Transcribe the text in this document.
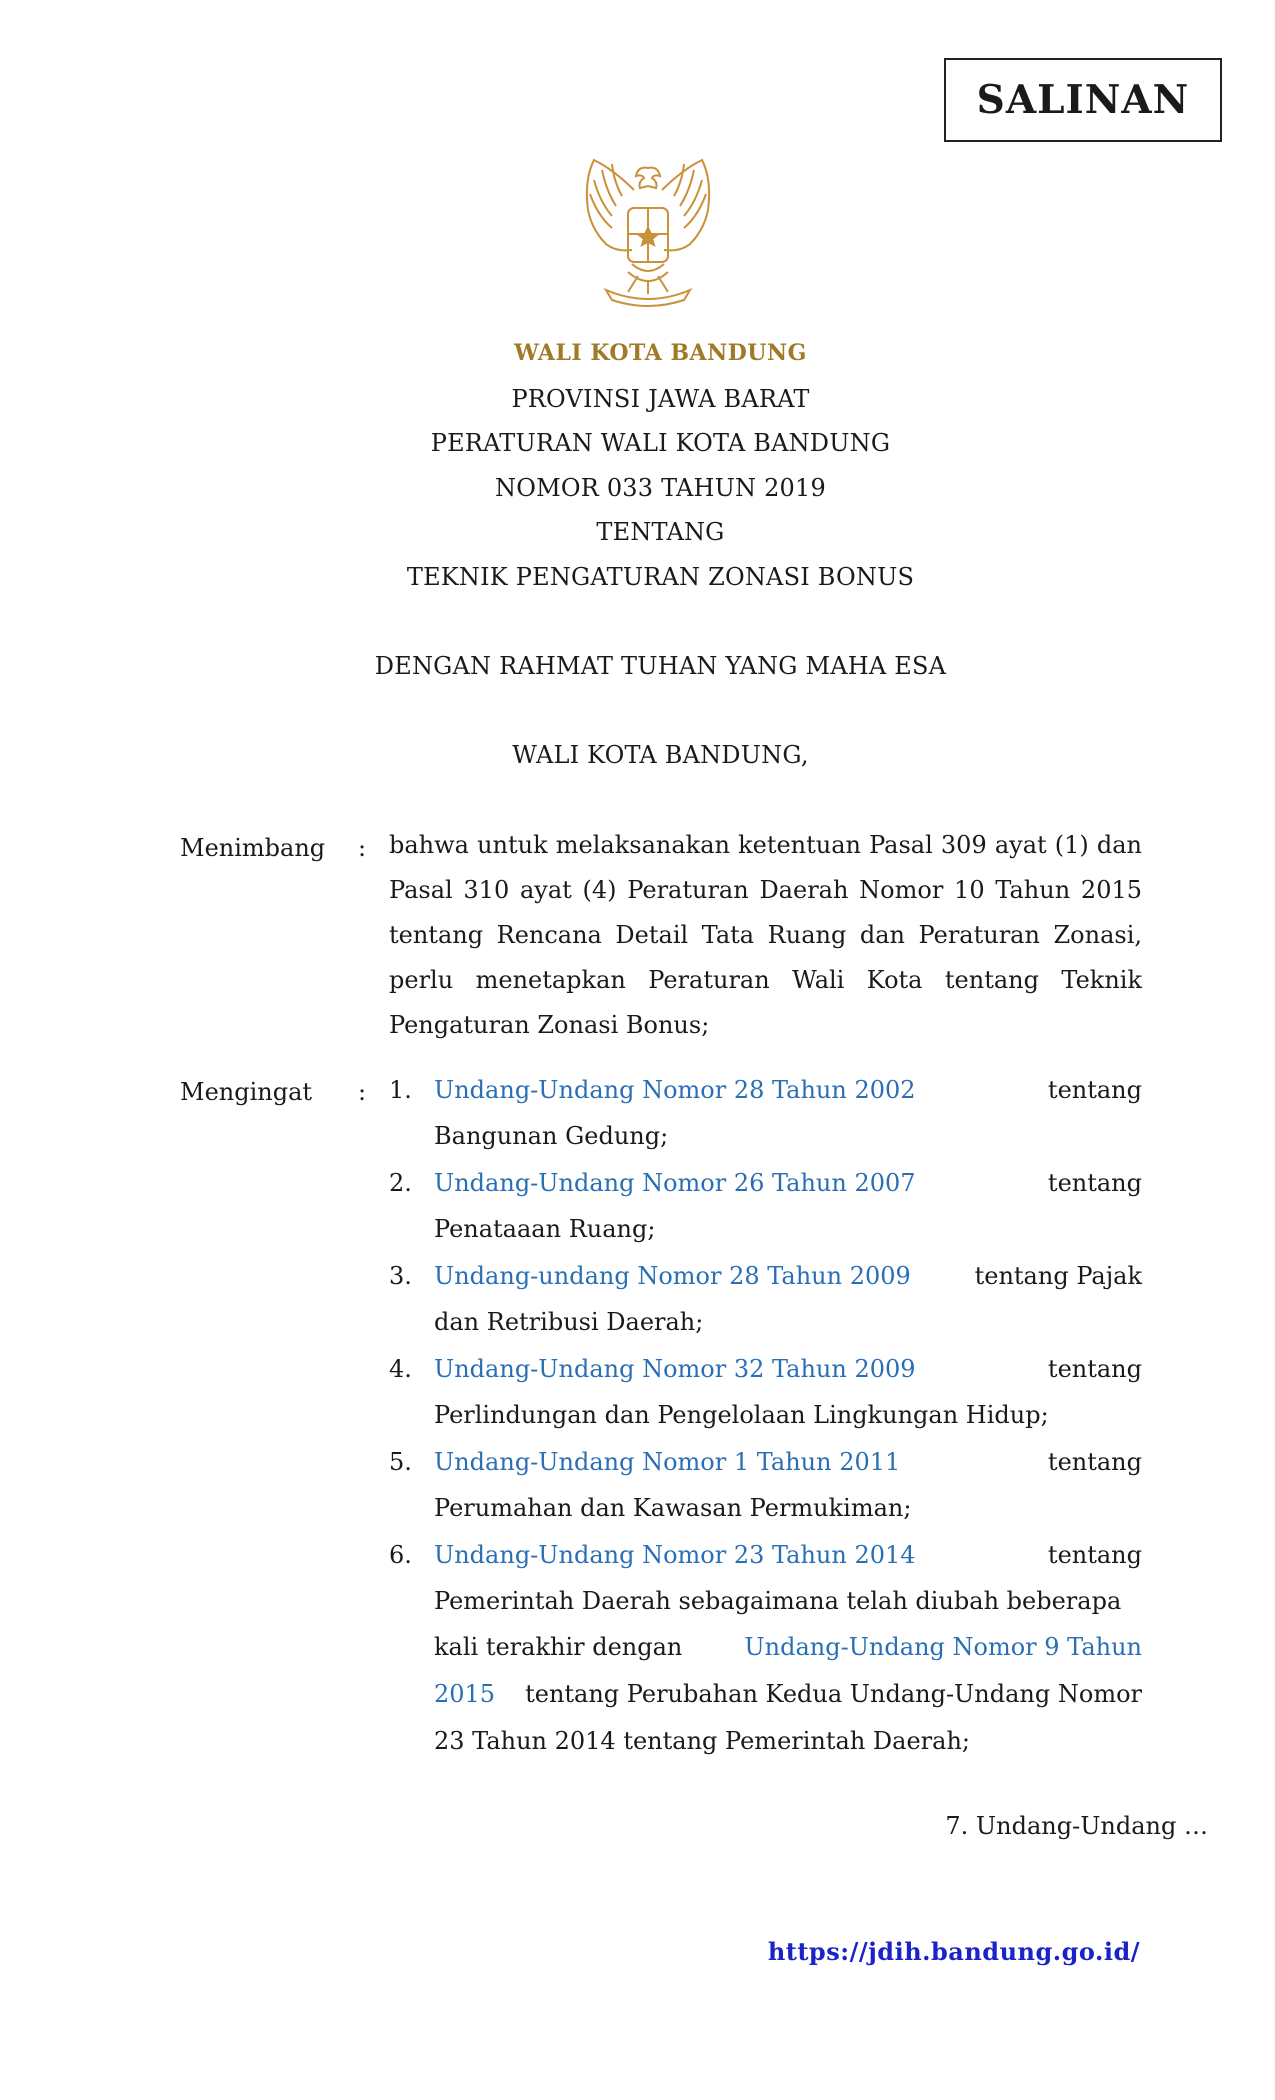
SALINAN
WALI KOTA BANDUNG
PROVINSI JAWA BARAT
PERATURAN WALI KOTA BANDUNG
NOMOR 033 TAHUN 2019
TENTANG
TEKNIK PENGATURAN ZONASI BONUS
DENGAN RAHMAT TUHAN YANG MAHA ESA
WALI KOTA BANDUNG,
Menimbang : bahwa untuk melaksanakan ketentuan Pasal 309 ayat (1) dan Pasal 310 ayat (4) Peraturan Daerah Nomor 10 Tahun 2015 tentang Rencana Detail Tata Ruang dan Peraturan Zonasi, perlu menetapkan Peraturan Wali Kota tentang Teknik Pengaturan Zonasi Bonus;
Mengingat : 1. Undang-Undang Nomor 28 Tahun 2002	tentang
Bangunan Gedung;
2. Undang-Undang Nomor 26 Tahun 2007	tentang
Penataaan Ruang;
3. Undang-undang Nomor 28 Tahun 2009	tentang Pajak
dan Retribusi Daerah;
4. Undang-Undang Nomor 32 Tahun 2009	tentang
Perlindungan dan Pengelolaan Lingkungan Hidup;
5. Undang-Undang Nomor 1 Tahun 2011	tentang
Perumahan dan Kawasan Permukiman;
6. Undang-Undang Nomor 23 Tahun 2014	tentang
Pemerintah Daerah sebagaimana telah diubah beberapa
kali terakhir dengan	Undang-Undang Nomor 9 Tahun
2015 tentang Perubahan Kedua Undang-Undang Nomor
23 Tahun 2014 tentang Pemerintah Daerah;
7. Undang-Undang …
https://jdih.bandung.go.id/
